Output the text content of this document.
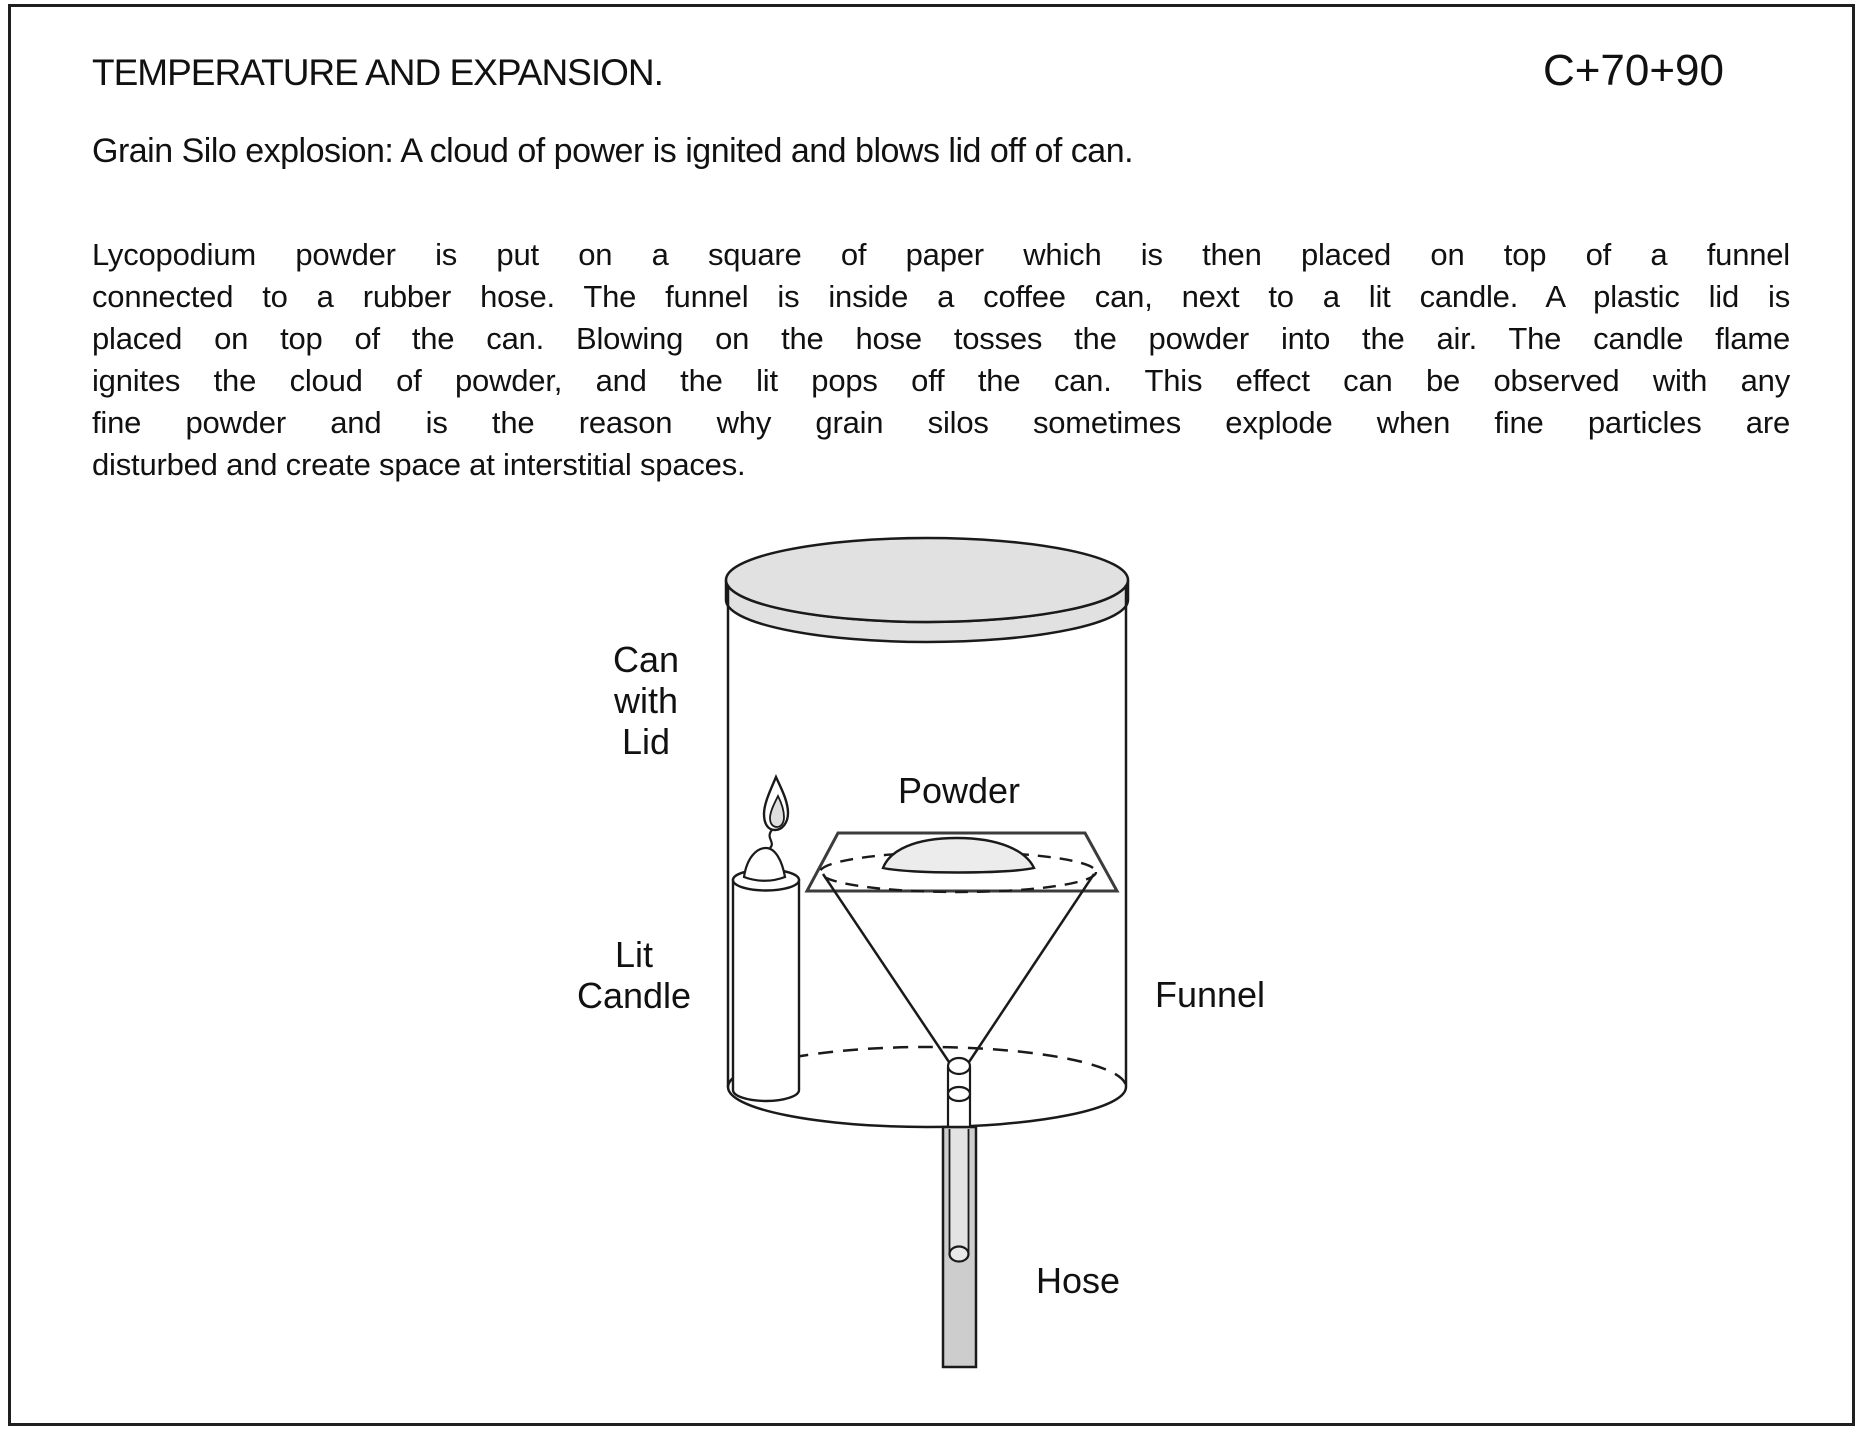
TEMPERATURE AND EXPANSION.	C+70+90
Grain Silo explosion: A cloud of power is ignited and blows lid off of can.
Lycopodium powder is put on a square of paper which is then placed on top of a funnel
connected to a rubber hose. The funnel is inside a coffee can, next to a lit candle. A plastic lid is
placed on top of the can. Blowing on the hose tosses the powder into the air. The candle flame
ignites the cloud of powder, and the lit pops off the can. This effect can be observed with any
fine powder and is the reason why grain silos sometimes explode when fine particles are
disturbed and create space at interstitial spaces.
Can
with
Lid
Powder
Lit
Candle	Funnel
Hose
